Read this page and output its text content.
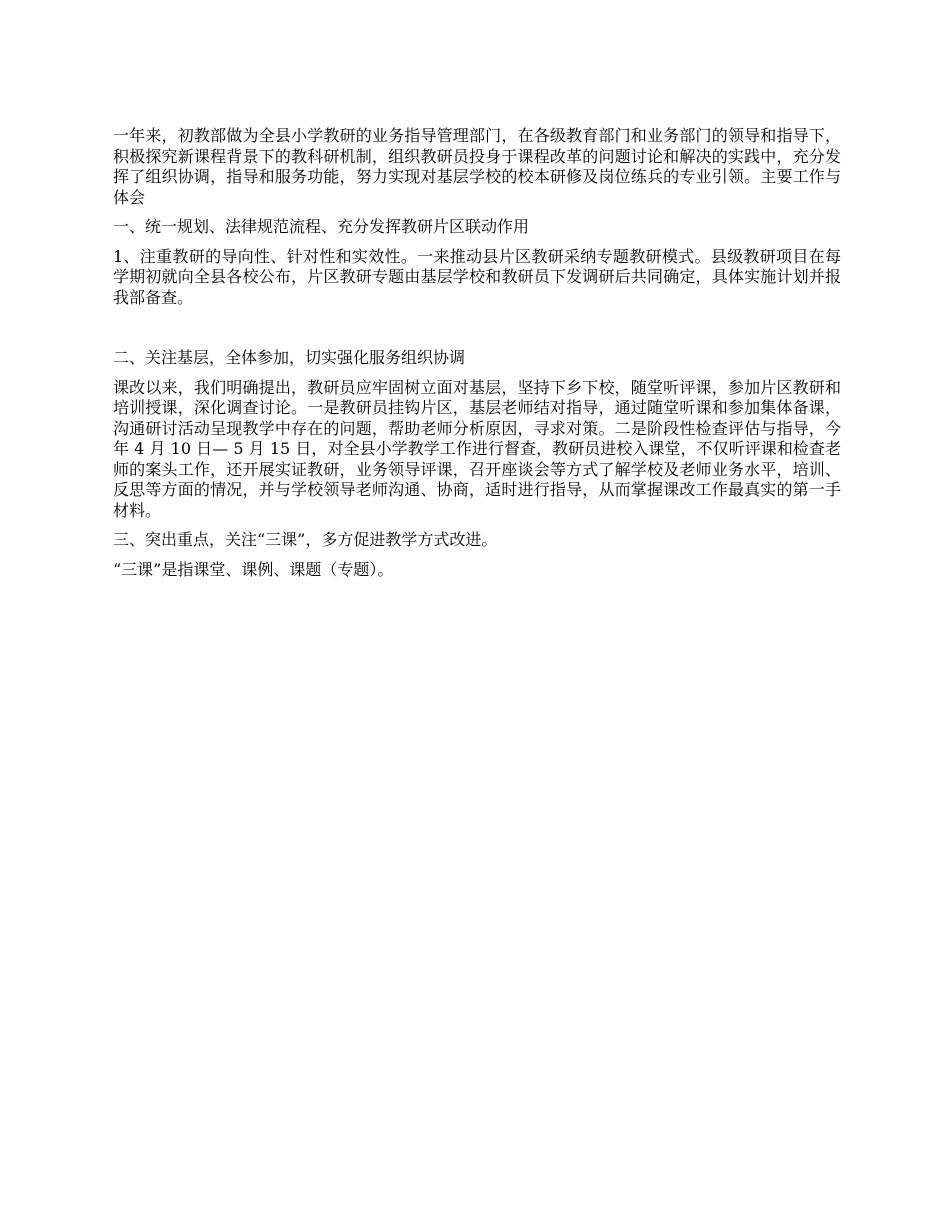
一年来，初教部做为全县小学教研的业务指导管理部门，在各级教育部门和业务部门的领导和指导下，积极探究新课程背景下的教科研机制，组织教研员投身于课程改革的问题讨论和解决的实践中，充分发挥了组织协调，指导和服务功能，努力实现对基层学校的校本研修及岗位练兵的专业引领。主要工作与体会

一、统一规划、法律规范流程、充分发挥教研片区联动作用

1、注重教研的导向性、针对性和实效性。一来推动县片区教研采纳专题教研模式。县级教研项目在每学期初就向全县各校公布，片区教研专题由基层学校和教研员下发调研后共同确定，具体实施计划并报我部备查。

二、关注基层，全体参加，切实强化服务组织协调

课改以来，我们明确提出，教研员应牢固树立面对基层，坚持下乡下校，随堂听评课，参加片区教研和培训授课，深化调查讨论。一是教研员挂钩片区，基层老师结对指导，通过随堂听课和参加集体备课，沟通研讨活动呈现教学中存在的问题，帮助老师分析原因，寻求对策。二是阶段性检查评估与指导，今年 4 月 10 日— 5 月 15 日，对全县小学教学工作进行督查，教研员进校入课堂，不仅听评课和检查老师的案头工作，还开展实证教研，业务领导评课，召开座谈会等方式了解学校及老师业务水平，培训、反思等方面的情况，并与学校领导老师沟通、协商，适时进行指导，从而掌握课改工作最真实的第一手材料。

三、突出重点，关注“三课”，多方促进教学方式改进。

“三课”是指课堂、课例、课题（专题）。
